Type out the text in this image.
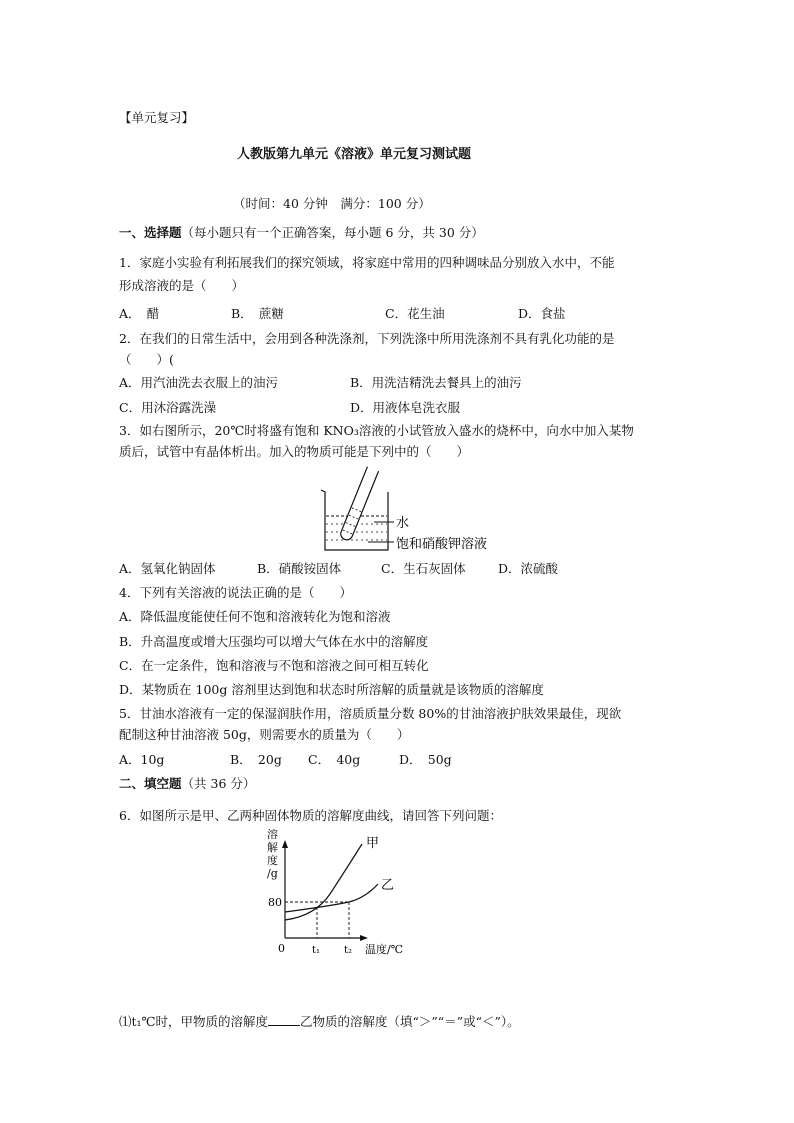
【单元复习】
人教版第九单元《溶液》单元复习测试题
（时间：40 分钟　满分：100 分）
一、选择题（每小题只有一个正确答案，每小题 6 分，共 30 分）
1．家庭小实验有利拓展我们的探究领域，将家庭中常用的四种调味品分别放入水中，不能
形成溶液的是（　　）
A．　醋	B．　蔗糖	C．花生油	D．食盐
2．在我们的日常生活中，会用到各种洗涤剂，下列洗涤中所用洗涤剂不具有乳化功能的是
（　　）(
A．用汽油洗去衣服上的油污	B．用洗洁精洗去餐具上的油污
C．用沐浴露洗澡	D．用液体皂洗衣服
3．如右图所示，20℃时将盛有饱和 KNO₃溶液的小试管放入盛水的烧杯中，向水中加入某物
质后，试管中有晶体析出。加入的物质可能是下列中的（　　）
水
饱和硝酸钾溶液
A．氢氧化钠固体	B．硝酸铵固体	C．生石灰固体	D．浓硫酸
4．下列有关溶液的说法正确的是（　　）
A．降低温度能使任何不饱和溶液转化为饱和溶液
B．升高温度或增大压强均可以增大气体在水中的溶解度
C．在一定条件，饱和溶液与不饱和溶液之间可相互转化
D．某物质在 100g 溶剂里达到饱和状态时所溶解的质量就是该物质的溶解度
5．甘油水溶液有一定的保湿润肤作用，溶质质量分数 80%的甘油溶液护肤效果最佳，现欲
配制这种甘油溶液 50g，则需要水的质量为（　　）
A．10g	B．　20g C．　40g	D．　50g
二、填空题（共 36 分）
6．如图所示是甲、乙两种固体物质的溶解度曲线，请回答下列问题：
溶
解
度
/g
甲
乙
80
0	t₁ t₂ 温度/℃
⑴t₁℃时，甲物质的溶解度	乙物质的溶解度（填“＞”“＝”或“＜”）。
